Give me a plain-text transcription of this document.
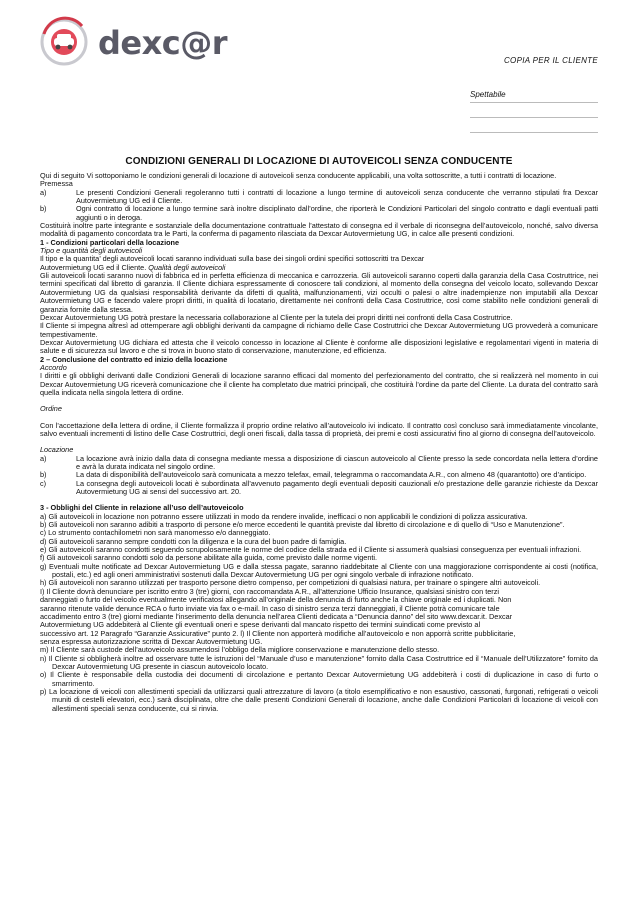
dexc@r	COPIA PER IL CLIENTE
Spettabile
CONDIZIONI GENERALI DI LOCAZIONE DI AUTOVEICOLI SENZA CONDUCENTE

Qui di seguito Vi sottoponiamo le condizioni generali di locazione di autoveicoli senza conducente applicabili, una volta sottoscritte, a tutti i contratti di locazione.

Premessa

a)	Le presenti Condizioni Generali regoleranno tutti i contratti di locazione a lungo termine di autoveicoli senza conducente che verranno stipulati fra Dexcar Autovermietung UG ed il Cliente.
b)	Ogni contratto di locazione a lungo termine sarà inoltre disciplinato dall’ordine, che riporterà le Condizioni Particolari del singolo contratto e dagli eventuali patti aggiunti o in deroga.

Costituirà inoltre parte integrante e sostanziale della documentazione contrattuale l’attestato di consegna ed il verbale di riconsegna dell’autoveicolo, nonché, salvo diversa modalità di pagamento concordata tra le Parti, la conferma di pagamento rilasciata da Dexcar Autovermietung UG, in calce alle presenti condizioni.

1 - Condizioni particolari della locazione

Tipo e quantità degli autoveicoli

Il tipo e la quantita’ degli autoveicoli locati saranno individuati sulla base dei singoli ordini specifici sottoscritti tra Dexcar

Autovermietung UG ed il Cliente. Qualità degli autoveicoli

Gli autoveicoli locati saranno nuovi di fabbrica ed in perfetta efficienza di meccanica e carrozzeria. Gli autoveicoli saranno coperti dalla garanzia della Casa Costruttrice, nei termini specificati dal libretto di garanzia. Il Cliente dichiara espressamente di conoscere tali condizioni, al momento della consegna del veicolo locato, sollevando Dexcar Autovermietung UG da qualsiasi responsabilità derivante da difetti di qualità, malfunzionamenti, vizi occulti o palesi o altre inadempienze non imputabili alla Dexcar Autovermietung UG e facendo valere propri diritti, in qualità di locatario, direttamente nei confronti della Casa Costruttrice, così come stabilito nelle condizioni generali di garanzia fornite dalla stessa.

Dexcar Autovermietung UG potrà prestare la necessaria collaborazione al Cliente per la tutela dei propri diritti nei confronti della Casa Costruttrice.

Il Cliente si impegna altresì ad ottemperare agli obblighi derivanti da campagne di richiamo delle Case Costruttrici che Dexcar Autovermietung UG provvederà a comunicare tempestivamente.

Dexcar Autovermietung UG dichiara ed attesta che il veicolo concesso in locazione al Cliente è conforme alle disposizioni legislative e regolamentari vigenti in materia di salute e di sicurezza sul lavoro e che si trova in buono stato di conservazione, manutenzione, ed efficienza.

2 – Conclusione del contratto ed inizio della locazione

Accordo

I diritti e gli obblighi derivanti dalle Condizioni Generali di locazione saranno efficaci dal momento del perfezionamento del contratto, che si realizzerà nel momento in cui Dexcar Autovermietung UG riceverà comunicazione che il cliente ha completato due matrici principali, che costituirà l’ordine da parte del Cliente. La durata del contratto sarà quella indicata nella singola lettera di ordine.

Ordine

Con l’accettazione della lettera di ordine, il Cliente formalizza il proprio ordine relativo all’autoveicolo ivi indicato. Il contratto così concluso sarà immediatamente vincolante, salvo eventuali incrementi di listino delle Case Costruttrici, degli oneri fiscali, dalla tassa di proprietà, dei premi e costi assicurativi fino al giorno di consegna dell’autoveicolo.

Locazione

a)	La locazione avrà inizio dalla data di consegna mediante messa a disposizione di ciascun autoveicolo al Cliente presso la sede concordata nella lettera d’ordine e avrà la durata indicata nel singolo ordine.
b)	La data di disponibilità dell’autoveicolo sarà comunicata a mezzo telefax, email, telegramma o raccomandata A.R., con almeno 48 (quarantotto) ore d’anticipo.
c)	La consegna degli autoveicoli locati è subordinata all’avvenuto pagamento degli eventuali depositi cauzionali e/o prestazione delle garanzie richieste da Dexcar Autovermietung UG ai sensi del successivo art. 20.

3 - Obblighi del Cliente in relazione all’uso dell’autoveicolo

a) Gli autoveicoli in locazione non potranno essere utilizzati in modo da rendere invalide, inefficaci o non applicabili le condizioni di polizza assicurativa.

b) Gli autoveicoli non saranno adibiti a trasporto di persone e/o merce eccedenti le quantità previste dal libretto di circolazione e di quello di “Uso e Manutenzione”.

c) Lo strumento contachilometri non sarà manomesso e/o danneggiato.

d) Gli autoveicoli saranno sempre condotti con la diligenza e la cura del buon padre di famiglia.

e) Gli autoveicoli saranno condotti seguendo scrupolosamente le norme del codice della strada ed il Cliente si assumerà qualsiasi conseguenza per eventuali infrazioni.

f) Gli autoveicoli saranno condotti solo da persone abilitate alla guida, come previsto dalle norme vigenti.

g) Eventuali multe notificate ad Dexcar Autovermietung UG e dalla stessa pagate, saranno riaddebitate al Cliente con una maggiorazione corrispondente ai costi (notifica, postali, etc.) ed agli oneri amministrativi sostenuti dalla Dexcar Autovermietung UG per ogni singolo verbale di infrazione notificato.

h) Gli autoveicoli non saranno utilizzati per trasporto persone dietro compenso, per competizioni di qualsiasi natura, per trainare o spingere altri autoveicoli.

I) Il Cliente dovrà denunciare per iscritto entro 3 (tre) giorni, con raccomandata A.R., all’attenzione Ufficio Insurance, qualsiasi sinistro con terzi

danneggiati o furto del veicolo eventualmente verificatosi allegando all’originale della denuncia di furto anche la chiave originale ed i duplicati. Non

saranno ritenute valide denunce RCA o furto inviate via fax o e-mail. In caso di sinistro senza terzi danneggiati, il Cliente potrà comunicare tale

accadimento entro 3 (tre) giorni mediante l’inserimento della denuncia nell’area Clienti dedicata a “Denuncia danno” del sito www.dexcar.it. Dexcar

Autovermietung UG addebiterà al Cliente gli eventuali oneri e spese derivanti dal mancato rispetto dei termini suindicati come previsto al

successivo art. 12 Paragrafo “Garanzie Assicurative” punto 2. l) Il Cliente non apporterà modifiche all’autoveicolo e non apporrà scritte pubblicitarie,

senza espressa autorizzazione scritta di Dexcar Autovermietung UG.

m) Il Cliente sarà custode dell’autoveicolo assumendosi l’obbligo della migliore conservazione e manutenzione dello stesso.

n) Il Cliente si obbligherà inoltre ad osservare tutte le istruzioni del “Manuale d’uso e manutenzione” fornito dalla Casa Costruttrice ed il “Manuale dell’Utilizzatore” fornito da Dexcar Autovermietung UG presente in ciascun autoveicolo locato.

o) Il Cliente è responsabile della custodia dei documenti di circolazione e pertanto Dexcar Autovermietung UG addebiterà i costi di duplicazione in caso di furto o smarrimento.

p) La locazione di veicoli con allestimenti speciali da utilizzarsi quali attrezzature di lavoro (a titolo esemplificativo e non esaustivo, cassonati, furgonati, refrigerati o veicoli muniti di cestelli elevatori, ecc.) sarà disciplinata, oltre che dalle presenti Condizioni Generali di locazione, anche dalle Condizioni Particolari di locazione di veicoli con allestimenti speciali senza conducente, cui si rinvia.
